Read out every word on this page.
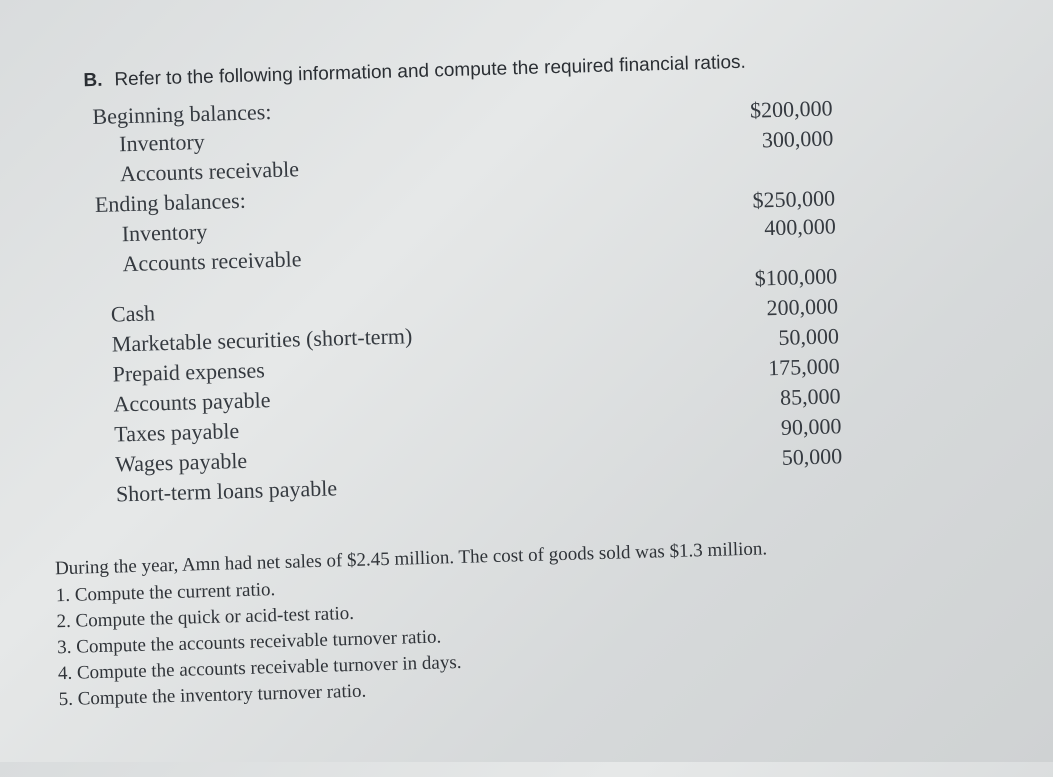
B. Refer to the following information and compute the required financial ratios.
Beginning balances:
Inventory
$200,000
Accounts receivable
300,000
Ending balances:
Inventory
$250,000
Accounts receivable
400,000
Cash
$100,000
Marketable securities (short-term)
200,000
Prepaid expenses
50,000
Accounts payable
175,000
Taxes payable
85,000
Wages payable
90,000
Short-term loans payable
50,000
During the year, Amn had net sales of $2.45 million. The cost of goods sold was $1.3 million.
1. Compute the current ratio.
2. Compute the quick or acid-test ratio.
3. Compute the accounts receivable turnover ratio.
4. Compute the accounts receivable turnover in days.
5. Compute the inventory turnover ratio.
